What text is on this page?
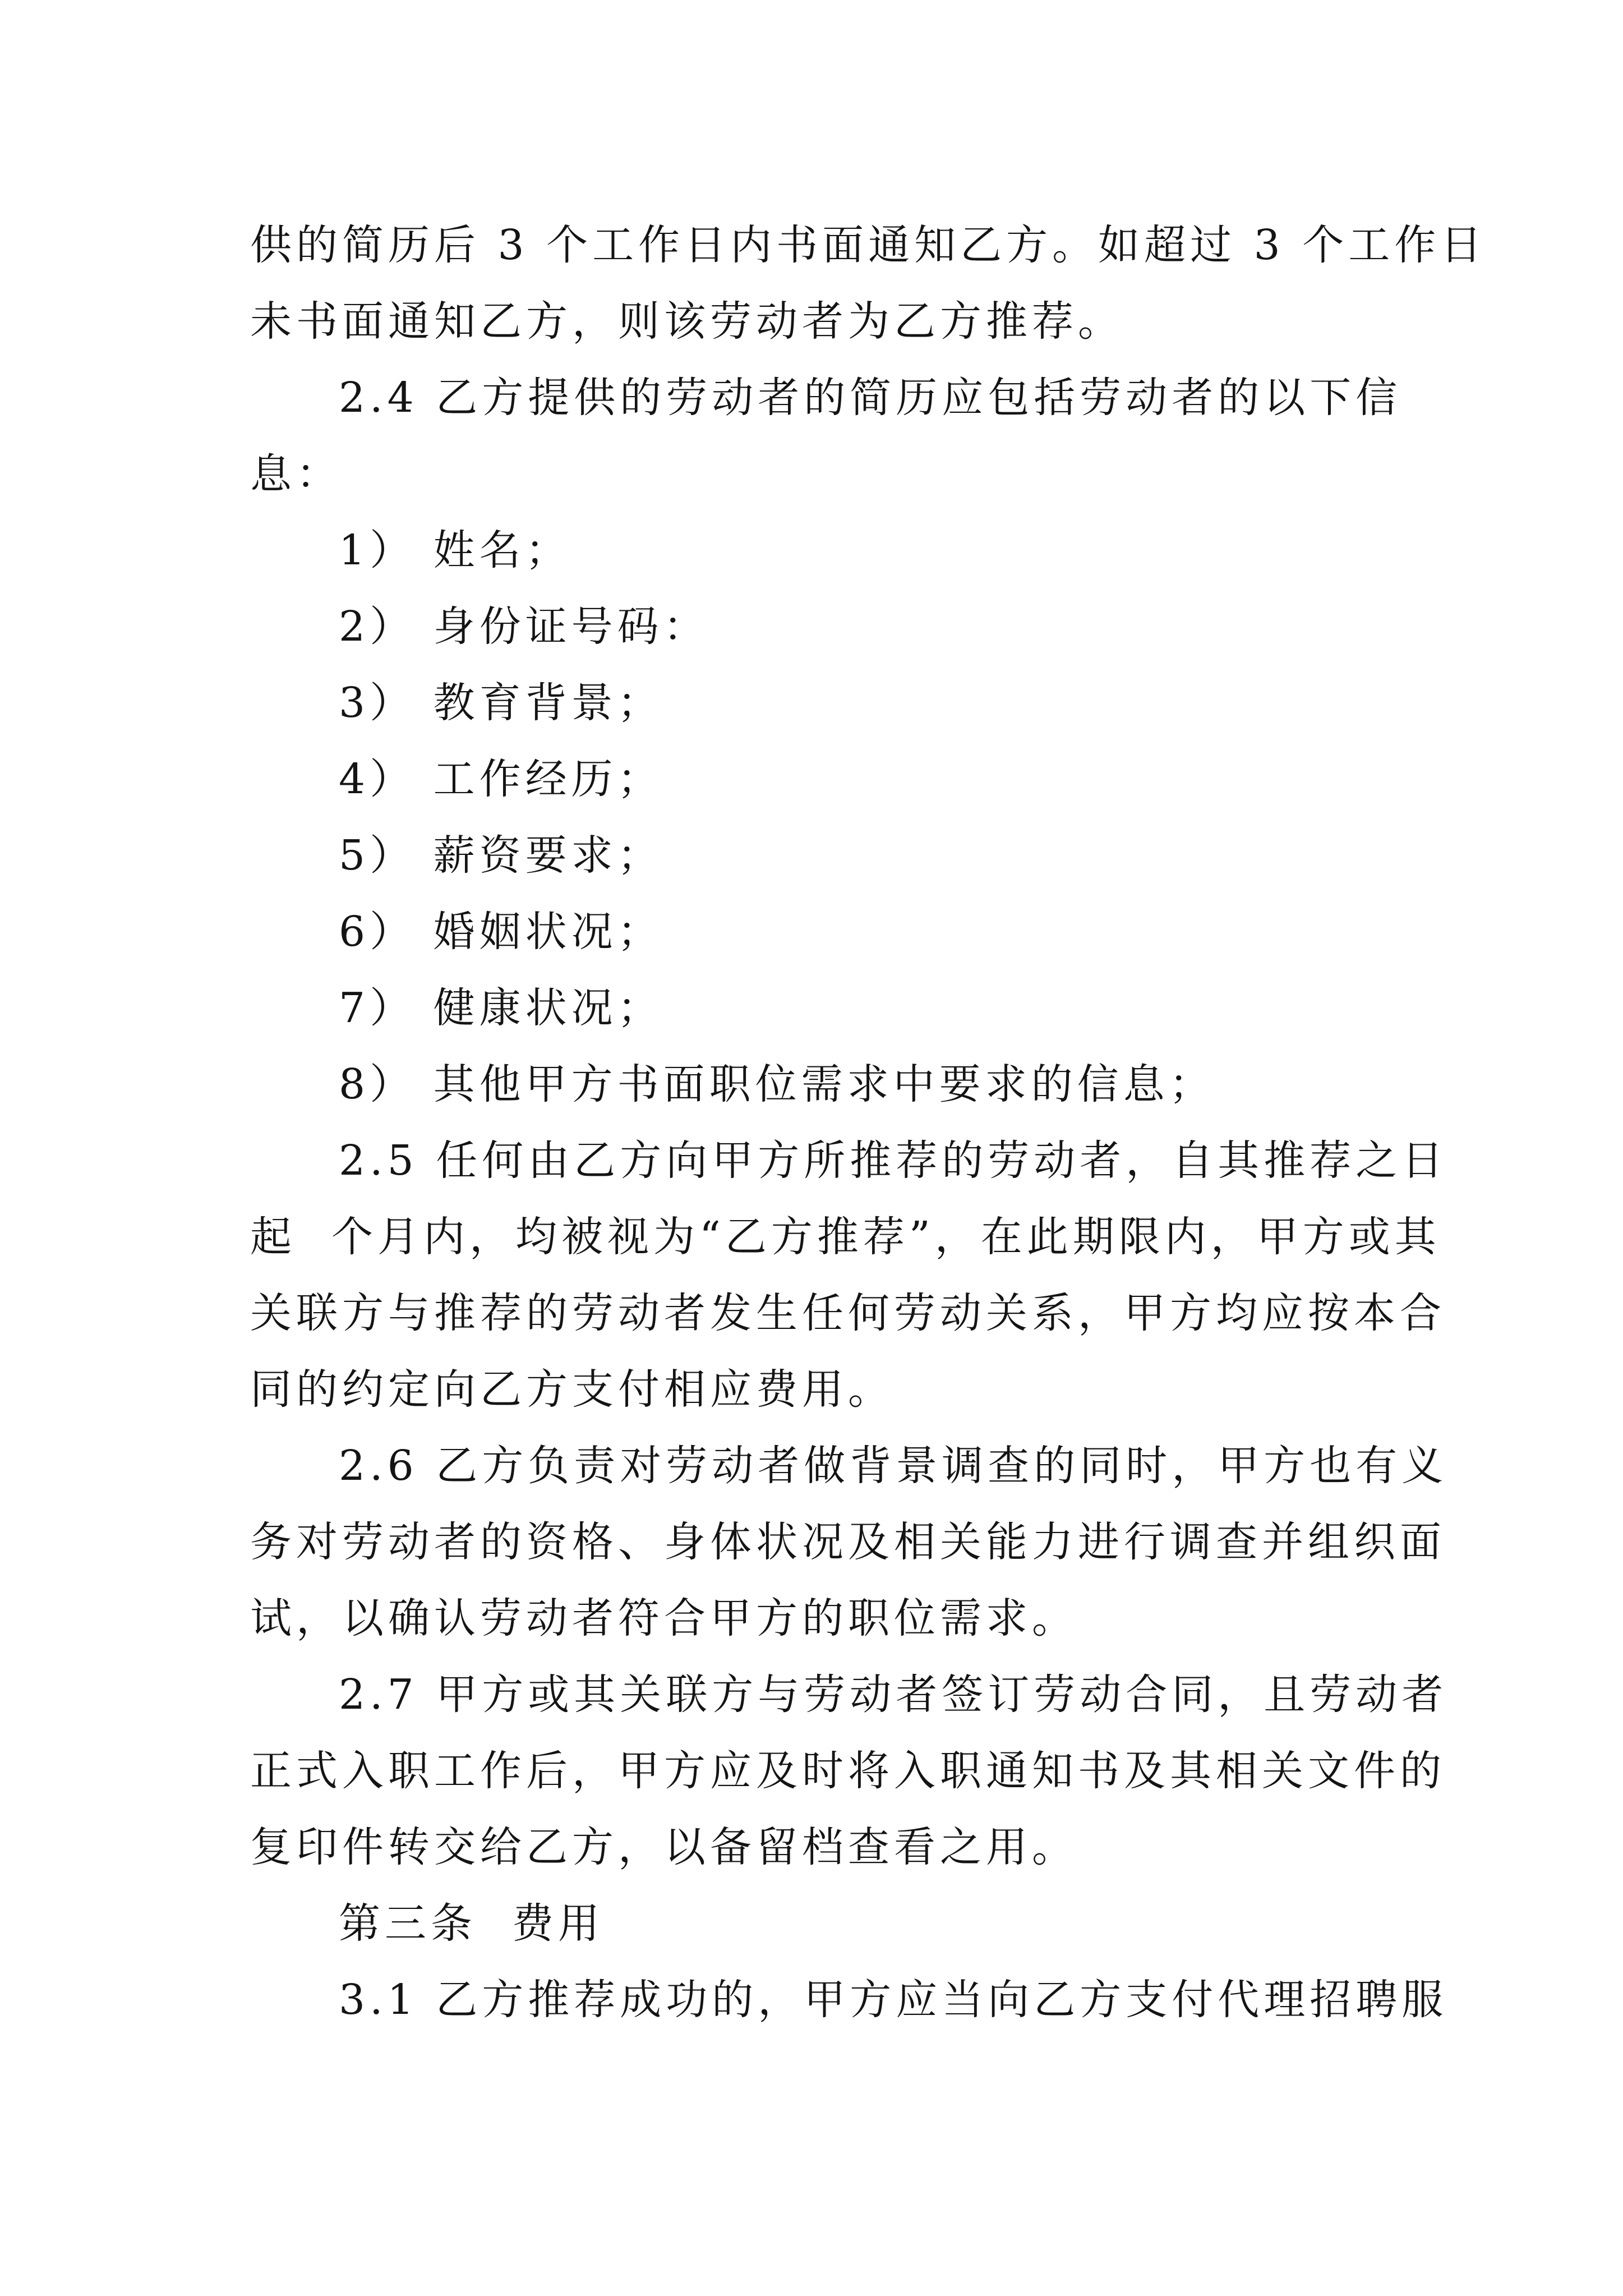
供的简历后 3 个工作日内书面通知乙方。如超过 3 个工作日
未书面通知乙方，则该劳动者为乙方推荐。
2.4 乙方提供的劳动者的简历应包括劳动者的以下信
息：
1） 姓名；
2） 身份证号码：
3） 教育背景；
4） 工作经历；
5） 薪资要求；
6） 婚姻状况；
7） 健康状况；
8） 其他甲方书面职位需求中要求的信息；
2.5 任何由乙方向甲方所推荐的劳动者，自其推荐之日
起  个月内，均被视为“乙方推荐”，在此期限内，甲方或其
关联方与推荐的劳动者发生任何劳动关系，甲方均应按本合
同的约定向乙方支付相应费用。
2.6 乙方负责对劳动者做背景调查的同时，甲方也有义
务对劳动者的资格、身体状况及相关能力进行调查并组织面
试，以确认劳动者符合甲方的职位需求。
2.7 甲方或其关联方与劳动者签订劳动合同，且劳动者
正式入职工作后，甲方应及时将入职通知书及其相关文件的
复印件转交给乙方，以备留档查看之用。
第三条  费用
3.1 乙方推荐成功的，甲方应当向乙方支付代理招聘服
